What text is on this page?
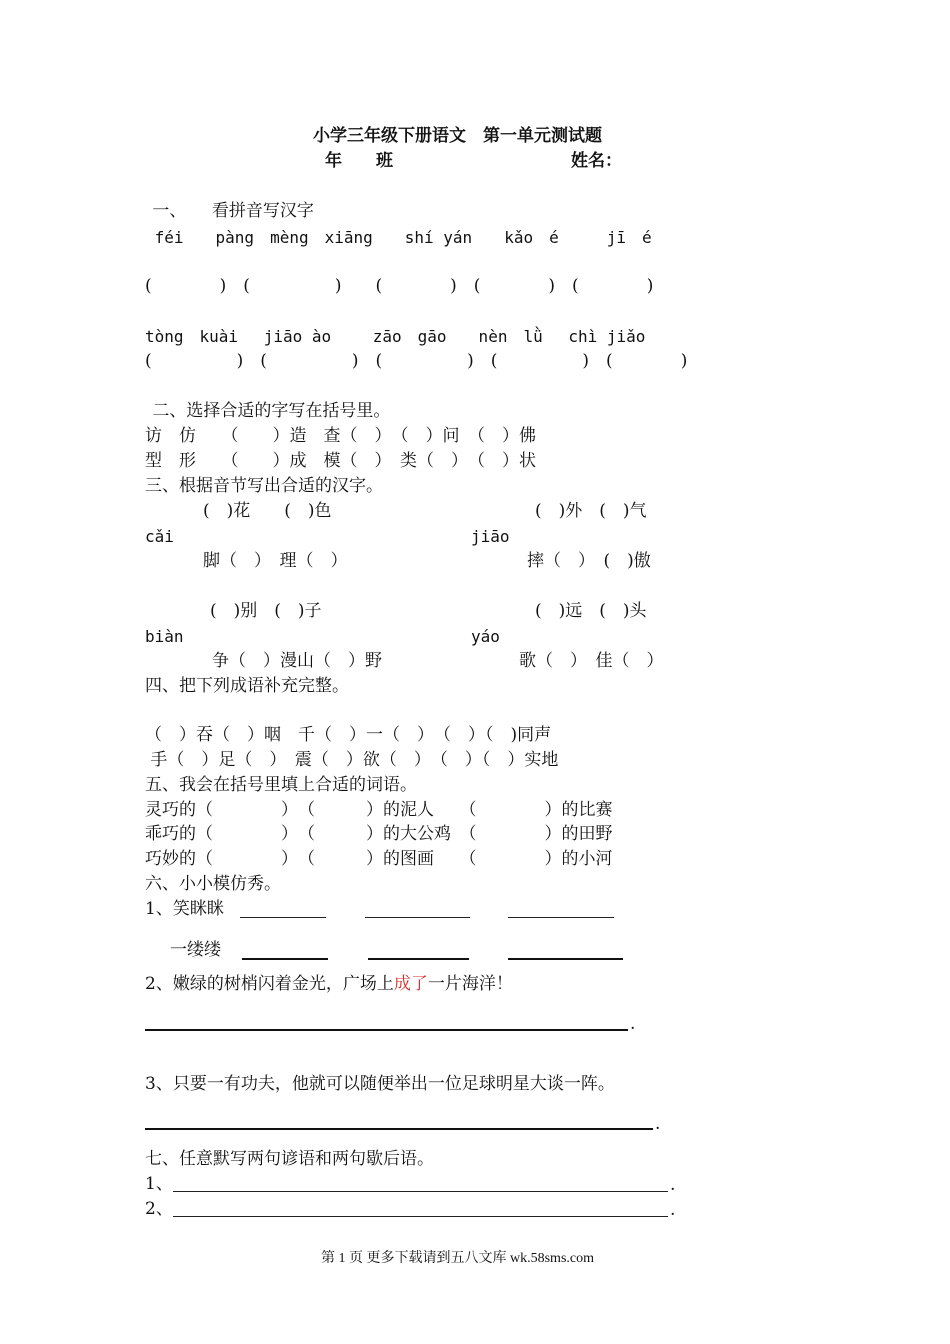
小学三年级下册语文　第一单元测试题
年　　班	姓名：
一、　　看拼音写汉字
féi　　pàng　mèng　xiāng　　shí yán　　kǎo　é　　　jī　é
(　　　　)　(　　　　　)　　(　　　　)　(　　　　)　(　　　　)
tòng　kuài　 jiāo ào　　 zāo　gāo　　nèn　lǜ　 chì jiǎo
(　　　　　)　(　　　　　)　(　　　　　)　(　　　　　)　(　　　　)
二、选择合适的字写在括号里。
访　仿　　（　　）造　查（　）　（　）问　（　）佛
型　形　　（　　）成　模（　）　类（　）　（　）状
三、根据音节写出合适的汉字。
(　)花　　(　)色	(　)外　(　)气
cǎi	jiāo
脚（　）　理（　）	摔（　）　(　)傲
(　)别　(　)子	(　)远　(　)头
biàn	yáo
争（　）漫山（　）野	歌（　）　佳（　）
四、把下列成语补充完整。
（　）吞（　）咽　千（　）一（　）　（　）（　)同声
手（　）足（　）　震（　）欲（　）　（　）（　）实地
五、我会在括号里填上合适的词语。
灵巧的（　　　　）　（　　　）的泥人　　（　　　　）的比赛
乖巧的（　　　　）　（　　　）的大公鸡　（　　　　）的田野
巧妙的（　　　　）　（　　　）的图画　　（　　　　）的小河
六、小小模仿秀。
1、笑眯眯
一缕缕
2、嫩绿的树梢闪着金光，广场上成了一片海洋！
.
3、只要一有功夫，他就可以随便举出一位足球明星大谈一阵。
.
七、任意默写两句谚语和两句歇后语。
1、	.
2、	.
第 1 页 更多下载请到五八文库 wk.58sms.com
